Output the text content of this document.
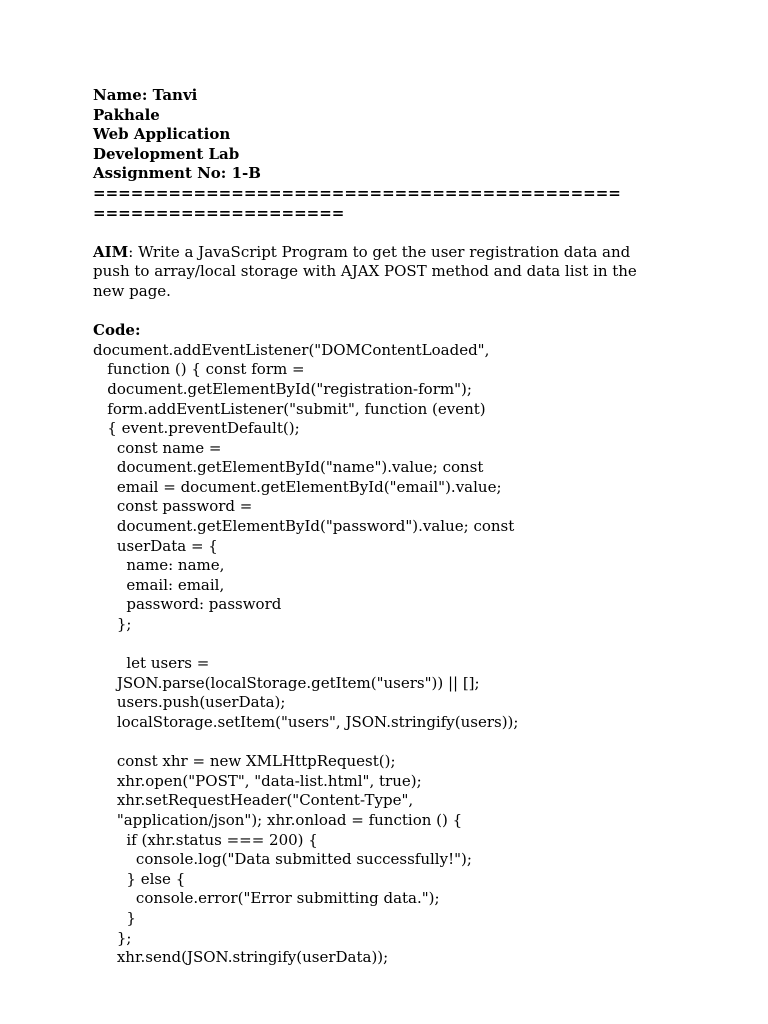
Name: Tanvi
Pakhale
Web Application
Development Lab
Assignment No: 1-B
==========================================
====================
AIM: Write a JavaScript Program to get the user registration data and
push to array/local storage with AJAX POST method and data list in the
new page.
Code:
document.addEventListener("DOMContentLoaded",
function () { const form =
document.getElementById("registration-form");
form.addEventListener("submit", function (event)
{ event.preventDefault();
const name =
document.getElementById("name").value; const
email = document.getElementById("email").value;
const password =
document.getElementById("password").value; const
userData = {
name: name,
email: email,
password: password
};
let users =
JSON.parse(localStorage.getItem("users")) || [];
users.push(userData);
localStorage.setItem("users", JSON.stringify(users));
const xhr = new XMLHttpRequest();
xhr.open("POST", "data-list.html", true);
xhr.setRequestHeader("Content-Type",
"application/json"); xhr.onload = function () {
if (xhr.status === 200) {
console.log("Data submitted successfully!");
} else {
console.error("Error submitting data.");
}
};
xhr.send(JSON.stringify(userData));
